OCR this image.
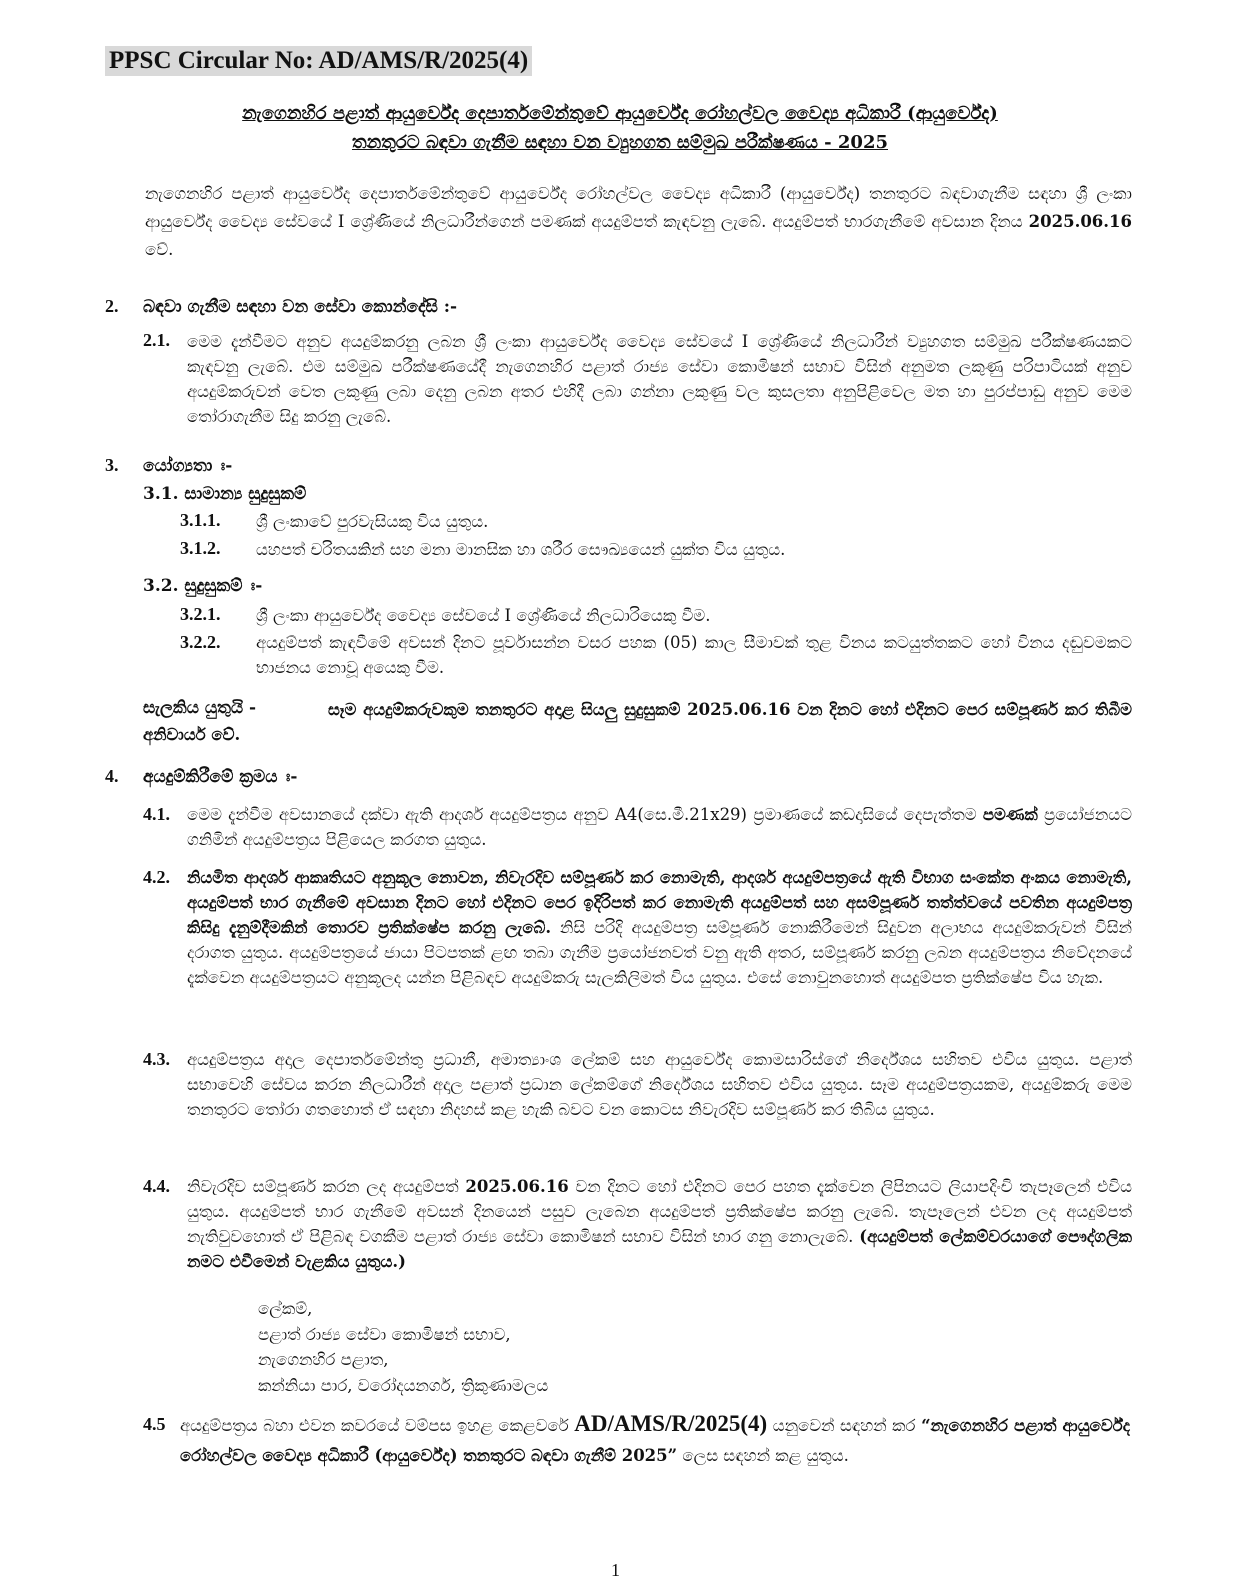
PPSC Circular No: AD/AMS/R/2025(4)
නැගෙනහිර පළාත් ආයුර්වේද දෙපාර්තමේන්තුවේ ආයුර්වේද රෝහල්වල වෛද්‍ය අධිකාරී (ආයුර්වේද)
තනතුරට බඳවා ගැනීම සඳහා වන ව්‍යුහගත සම්මුඛ පරීක්ෂණය - 2025
නැගෙනහිර පළාත් ආයුර්වේද දෙපාර්තමේන්තුවේ ආයුර්වේද රෝහල්වල වෛද්‍ය අධිකාරී (ආයුර්වේද) තනතුරට බඳවාගැනීම සඳහා ශ්‍රී ලංකා ආයුර්වේද වෛද්‍ය සේවයේ I ශ්‍රේණියේ නිලධාරීන්ගෙන් පමණක් අයදුම්පත් කැඳවනු ලැබේ. අයදුම්පත් භාරගැනීමේ අවසාන දිනය 2025.06.16 වේ.
2. බඳවා ගැනීම සඳහා වන සේවා කොන්දේසි :-
2.1. මෙම දැන්වීමට අනුව අයදුම්කරනු ලබන ශ්‍රී ලංකා ආයුර්වේද වෛද්‍ය සේවයේ I ශ්‍රේණියේ නිලධාරීන් ව්‍යුහගත සම්මුඛ පරීක්ෂණයකට කැඳවනු ලැබේ. එම සම්මුඛ පරීක්ෂණයේදී නැගෙනහිර පළාත් රාජ්‍ය සේවා කොමිෂන් සභාව විසින් අනුමත ලකුණු පරිපාටියක් අනුව අයදුම්කරුවන් වෙත ලකුණු ලබා දෙනු ලබන අතර එහිදී ලබා ගන්නා ලකුණු වල කුසලතා අනුපිළිවෙල මත හා පුරප්පාඩු අනුව මෙම තෝරාගැනීම සිදු කරනු ලැබේ.
3. යෝග්‍යතා ඃ-
3.1. සාමාන්‍ය සුදුසුකම්
3.1.1. ශ්‍රී ලංකාවේ පුරවැසියකු විය යුතුය.
3.1.2. යහපත් චරිතයකින් සහ මනා මානසික හා ශරීර සෞඛ්‍යයෙන් යුක්ත විය යුතුය.
3.2. සුදුසුකම් ඃ-
3.2.1. ශ්‍රී ලංකා ආයුර්වේද වෛද්‍ය සේවයේ I ශ්‍රේණියේ නිලධාරියෙකු වීම.
3.2.2. අයදුම්පත් කැඳවීමේ අවසන් දිනට පූර්වාසන්න වසර පහක (05) කාල සීමාවක් තුළ විනය කටයුත්තකට හෝ විනය දඬුවමකට භාජනය නොවූ අයෙකු වීම.
සැලකිය යුතුයි -	සෑම අයදුම්කරුවකුම තනතුරට අදාළ සියලු සුදුසුකම් 2025.06.16 වන දිනට හෝ එදිනට පෙර සම්පූර්ණ කර තිබීම අනිවාර්ය වේ.
4. අයදුම්කිරීමේ ක්‍රමය ඃ-
4.1. මෙම දැන්වීම අවසානයේ දක්වා ඇති ආදර්ශ අයදුම්පත්‍රය අනුව A4(සෙ.මී.21x29) ප්‍රමාණයේ කඩදාසියේ දෙපැත්තම පමණක් ප්‍රයෝජනයට ගනිමින් අයදුම්පත්‍රය පිළියෙල කරගත යුතුය.
4.2. නියමිත ආදර්ශ ආකෘතියට අනුකූල නොවන, නිවැරදිව සම්පූර්ණ කර නොමැති, ආදර්ශ අයදුම්පත්‍රයේ ඇති විභාග සංකේත අංකය නොමැති, අයදුම්පත් භාර ගැනීමේ අවසාන දිනට හෝ එදිනට පෙර ඉදිරිපත් කර නොමැති අයදුම්පත් සහ අසම්පූර්ණ තත්ත්වයේ පවතින අයදුම්පත්‍ර කිසිදු දැනුම්දීමකින් තොරව ප්‍රතික්ෂේප කරනු ලැබේ. නිසි පරිදි අයදුම්පත්‍ර සම්පූර්ණ නොකිරීමෙන් සිදුවන අලාභය අයදුම්කරුවන් විසින් දරාගත යුතුය. අයදුම්පත්‍රයේ ජායා පිටපතක් ළඟ තබා ගැනීම ප්‍රයෝජනවත් වනු ඇති අතර, සම්පූර්ණ කරනු ලබන අයදුම්පත්‍රය නිවේදනයේ දැක්වෙන අයදුම්පත්‍රයට අනුකූලද යන්න පිළිබඳව අයදුම්කරු සැලකිලිමත් විය යුතුය. එසේ නොවුනහොත් අයදුම්පත ප්‍රතික්ෂේප විය හැක.
4.3. අයදුම්පත්‍රය අදාල දෙපාර්තමේන්තු ප්‍රධානී, අමාත්‍යාංශ ලේකම් සහ ආයුර්වේද කොමසාරිස්ගේ නිර්දේශය සහිතව එවිය යුතුය. පළාත් සභාවෙහි සේවය කරන නිලධාරීන් අදාල පළාත් ප්‍රධාන ලේකම්ගේ නිර්දේශය සහිතව එවිය යුතුය. සෑම අයදුම්පත්‍රයකම, අයදුම්කරු මෙම තනතුරට තෝරා ගතහොත් ඒ සඳහා නිදහස් කළ හැකි බවට වන කොටස නිවැරදිව සම්පූර්ණ කර තිබිය යුතුය.
4.4. නිවැරදිව සම්පූර්ණ කරන ලද අයදුම්පත් 2025.06.16 වන දිනට හෝ එදිනට පෙර පහත දැක්වෙන ලිපිනයට ලියාපදිංචි තැපෑලෙන් එවිය යුතුය. අයදුම්පත් භාර ගැනීමේ අවසන් දිනයෙන් පසුව ලැබෙන අයදුම්පත් ප්‍රතික්ෂේප කරනු ලැබේ. තැපෑලෙන් එවන ලද අයදුම්පත් නැතිවුවහොත් ඒ පිළිබඳ වගකීම පළාත් රාජ්‍ය සේවා කොමිෂන් සභාව විසින් භාර ගනු නොලැබේ. (අයදුම්පත් ලේකම්වරයාගේ පෞද්ගලික නමට එවීමෙන් වැළකිය යුතුය.)
ලේකම්,
පළාත් රාජ්‍ය සේවා කොමිෂන් සභාව,
නැගෙනහිර පළාත,
කන්නියා පාර, වරෝදයනගර්, ත්‍රිකුණාමලය
4.5 අයදුම්පත්‍රය බහා එවන කවරයේ වම්පස ඉහළ කෙළවරේ AD/AMS/R/2025(4) යනුවෙන් සඳහන් කර “නැගෙනහිර පළාත් ආයුර්වේද රෝහල්වල වෛද්‍ය අධිකාරී (ආයුර්වේද) තනතුරට බඳවා ගැනීම් 2025” ලෙස සඳහන් කළ යුතුය.
1
